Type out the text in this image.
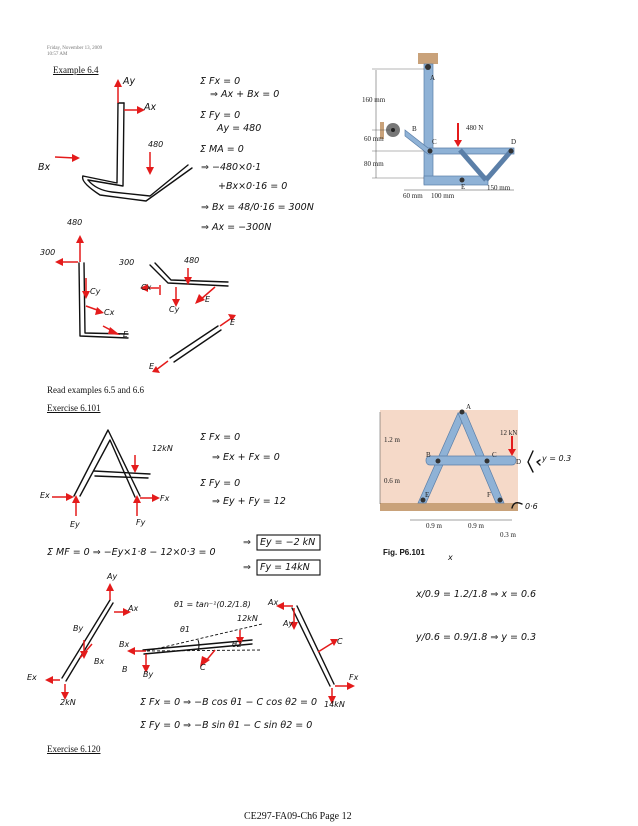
Friday, November 13, 2009
10:57 AM
Example 6.4
Ay
Ax
Bx
480
Σ Fx = 0
⇒ Ax + Bx = 0
Σ Fy = 0
Ay = 480
Σ MA = 0
⇒ −480×0·1
+Bx×0·16 = 0
⇒ Bx = 48/0·16 = 300N
⇒ Ax = −300N
480
300
300	480
Cy
Cx
Cx
Cy
E
E
E
E
Read examples 6.5 and 6.6
Exercise 6.101
12kN
Ex	Fx
Ey	Fy
Σ Fx = 0
⇒ Ex + Fx = 0
Σ Fy = 0
⇒ Ey + Fy = 12
Σ MF = 0 ⇒ −Ey×1·8 − 12×0·3 = 0
⇒
⇒
Ey = −2 kN
Fy = 14kN
Ay
Ax
By
Bx
Bx
B
By
C
Ex
2kN
θ1
θ2
θ1 = tan⁻¹(0.2/1.8)
12kN
Ax
Ay
C
Fx
14kN
Σ Fx = 0 ⇒ −B cos θ1 − C cos θ2 = 0
Σ Fy = 0 ⇒ −B sin θ1 − C sin θ2 = 0
Exercise 6.120
x/0.9 = 1.2/1.8 ⇒ x = 0.6
y/0.6 = 0.9/1.8 ⇒ y = 0.3
x
y = 0.3
0·6
A
B
C	D
E
480 N
160 mm
60 mm
80 mm
60 mm 100 mm
150 mm
A
B	C
D
E	F
12 kN
1.2 m
0.6 m
0.9 m	0.9 m
0.3 m
Fig. P6.101
CE297-FA09-Ch6 Page 12
